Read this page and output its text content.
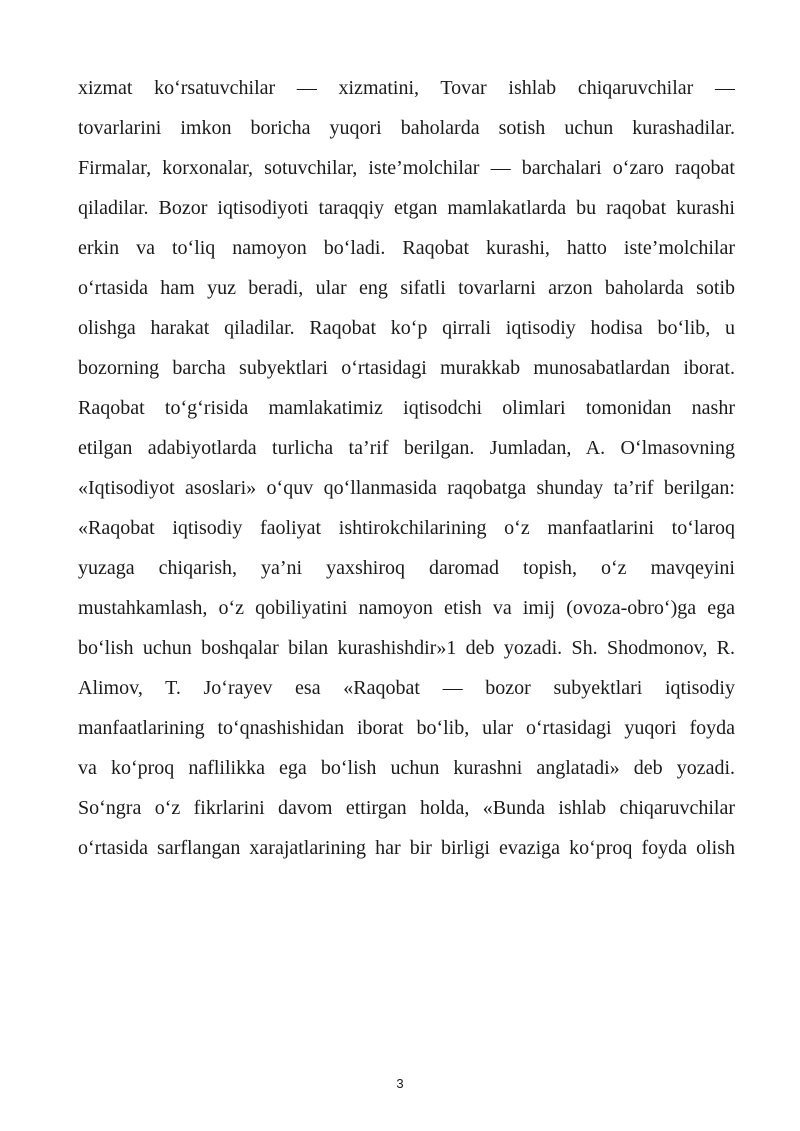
xizmat ko‘rsatuvchilar — xizmatini, Tovar ishlab chiqaruvchilar —
tovarlarini imkon boricha yuqori baholarda sotish uchun kurashadilar.
Firmalar, korxonalar, sotuvchilar, iste’molchilar — barchalari o‘zaro raqobat
qiladilar. Bozor iqtisodiyoti taraqqiy etgan mamlakatlarda bu raqobat kurashi
erkin va to‘liq namoyon bo‘ladi. Raqobat kurashi, hatto iste’molchilar
o‘rtasida ham yuz beradi, ular eng sifatli tovarlarni arzon baholarda sotib
olishga harakat qiladilar. Raqobat ko‘p qirrali iqtisodiy hodisa bo‘lib, u
bozorning barcha subyektlari o‘rtasidagi murakkab munosabatlardan iborat.
Raqobat to‘g‘risida mamlakatimiz iqtisodchi olimlari tomonidan nashr
etilgan adabiyotlarda turlicha ta’rif berilgan. Jumladan, A. O‘lmasovning
«Iqtisodiyot asoslari» o‘quv qo‘llanmasida raqobatga shunday ta’rif berilgan:
«Raqobat iqtisodiy faoliyat ishtirokchilarining o‘z manfaatlarini to‘laroq
yuzaga chiqarish, ya’ni yaxshiroq daromad topish, o‘z mavqeyini
mustahkamlash, o‘z qobiliyatini namoyon etish va imij (ovoza-obro‘)ga ega
bo‘lish uchun boshqalar bilan kurashishdir»1 deb yozadi. Sh. Shodmonov, R.
Alimov, T. Jo‘rayev esa «Raqobat — bozor subyektlari iqtisodiy
manfaatlarining to‘qnashishidan iborat bo‘lib, ular o‘rtasidagi yuqori foyda
va ko‘proq naflilikka ega bo‘lish uchun kurashni anglatadi» deb yozadi.
So‘ngra o‘z fikrlarini davom ettirgan holda, «Bunda ishlab chiqaruvchilar
o‘rtasida sarflangan xarajatlarining har bir birligi evaziga ko‘proq foyda olish
3
